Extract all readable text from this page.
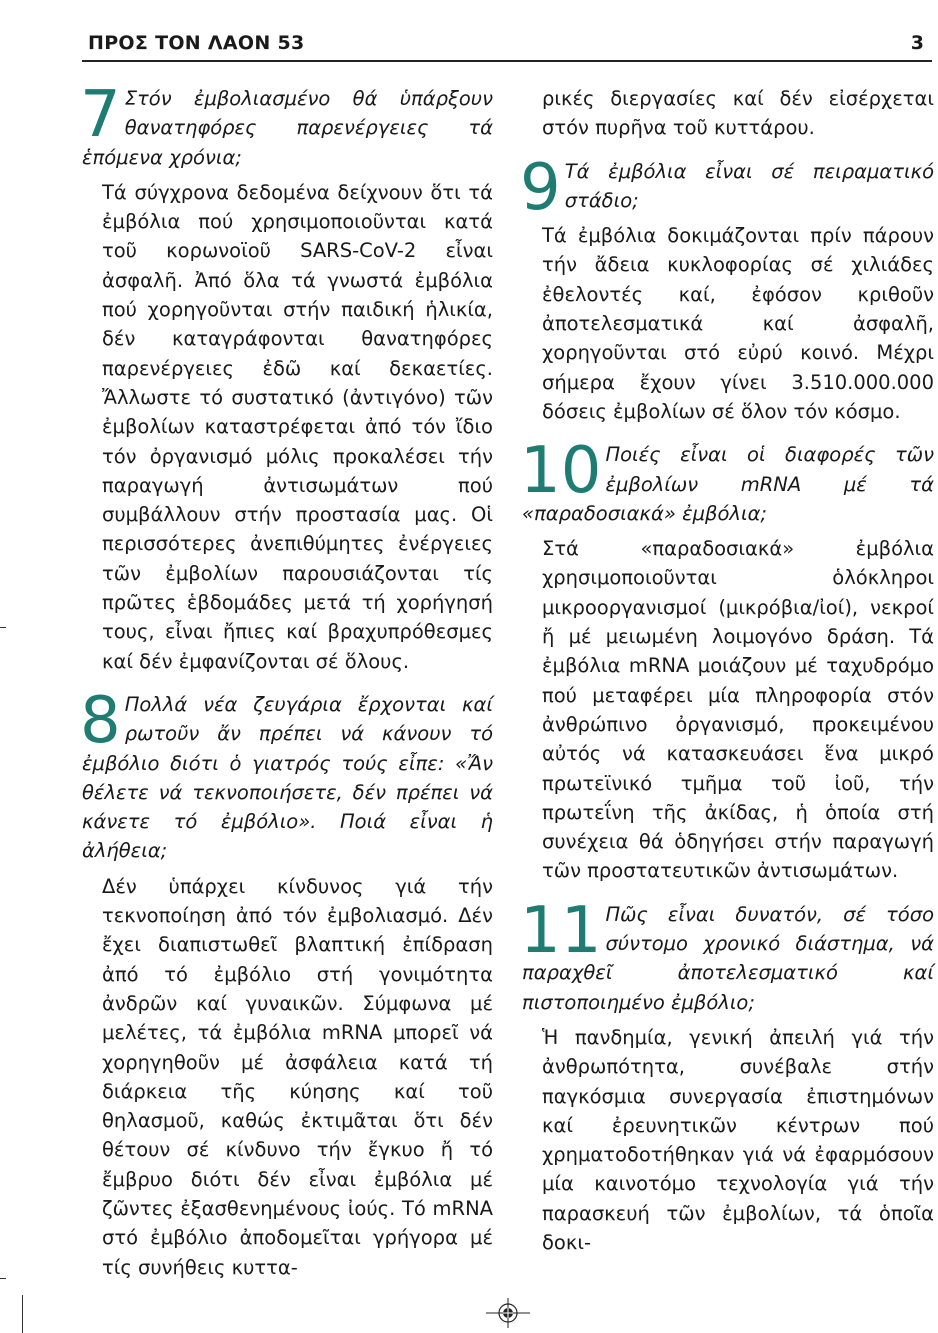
ΠΡΟΣ ΤΟΝ ΛΑΟΝ 53	3

7 Στόν ἐμβολιασμένο θά ὑπάρξουν θανατηφόρες παρενέργειες τά ἑπόμενα χρόνια;

Τά σύγχρονα δεδομένα δείχνουν ὅτι τά ἐμβόλια πού χρησιμοποιοῦνται κατά τοῦ κορωνοϊοῦ SARS-CoV-2 εἶναι ἀσφαλῆ. Ἀπό ὅλα τά γνωστά ἐμβόλια πού χορηγοῦνται στήν παιδική ἡλικία, δέν καταγράφονται θανατηφόρες παρενέργειες ἐδῶ καί δεκαετίες. Ἄλλωστε τό συστατικό (ἀντιγόνο) τῶν ἐμβολίων καταστρέφεται ἀπό τόν ἴδιο τόν ὀργανισμό μόλις προκαλέσει τήν παραγωγή ἀντισωμάτων πού συμβάλλουν στήν προστασία μας. Οἱ περισσότερες ἀνεπιθύμητες ἐνέργειες τῶν ἐμβολίων παρουσιάζονται τίς πρῶτες ἑβδομάδες μετά τή χορήγησή τους, εἶναι ἤπιες καί βραχυπρόθεσμες καί δέν ἐμφανίζονται σέ ὅλους.

8 Πολλά νέα ζευγάρια ἔρχονται καί ρωτοῦν ἄν πρέπει νά κάνουν τό ἐμβόλιο διότι ὁ γιατρός τούς εἶπε: «Ἄν θέλετε νά τεκνοποιήσετε, δέν πρέπει νά κάνετε τό ἐμβόλιο». Ποιά εἶναι ἡ ἀλήθεια;

Δέν ὑπάρχει κίνδυνος γιά τήν τεκνοποίηση ἀπό τόν ἐμβολιασμό. Δέν ἔχει διαπιστωθεῖ βλαπτική ἐπίδραση ἀπό τό ἐμβόλιο στή γονιμότητα ἀνδρῶν καί γυναικῶν. Σύμφωνα μέ μελέτες, τά ἐμβόλια mRNA μπορεῖ νά χορηγηθοῦν μέ ἀσφάλεια κατά τή διάρκεια τῆς κύησης καί τοῦ θηλασμοῦ, καθώς ἐκτιμᾶται ὅτι δέν θέτουν σέ κίνδυνο τήν ἔγκυο ἤ τό ἔμβρυο διότι δέν εἶναι ἐμβόλια μέ ζῶντες ἐξασθενημένους ἰούς. Τό mRNA στό ἐμβόλιο ἀποδομεῖται γρήγορα μέ τίς συνήθεις κυττα-

ρικές διεργασίες καί δέν εἰσέρχεται στόν πυρῆνα τοῦ κυττάρου.

9 Τά ἐμβόλια εἶναι σέ πειραματικό στάδιο;

Τά ἐμβόλια δοκιμάζονται πρίν πάρουν τήν ἄδεια κυκλοφορίας σέ χιλιάδες ἐθελοντές καί, ἐφόσον κριθοῦν ἀποτελεσματικά καί ἀσφαλῆ, χορηγοῦνται στό εὐρύ κοινό. Μέχρι σήμερα ἔχουν γίνει 3.510.000.000 δόσεις ἐμβολίων σέ ὅλον τόν κόσμο.

10 Ποιές εἶναι οἱ διαφορές τῶν ἐμβολίων mRNA μέ τά «παραδοσιακά» ἐμβόλια;

Στά «παραδοσιακά» ἐμβόλια χρησιμοποιοῦνται ὁλόκληροι μικροοργανισμοί (μικρόβια/ἰοί), νεκροί ἤ μέ μειωμένη λοιμογόνο δράση. Τά ἐμβόλια mRNA μοιάζουν μέ ταχυδρόμο πού μεταφέρει μία πληροφορία στόν ἀνθρώπινο ὀργανισμό, προκειμένου αὐτός νά κατασκευάσει ἕνα μικρό πρωτεϊνικό τμῆμα τοῦ ἰοῦ, τήν πρωτεΐνη τῆς ἀκίδας, ἡ ὁποία στή συνέχεια θά ὁδηγήσει στήν παραγωγή τῶν προστατευτικῶν ἀντισωμάτων.

11 Πῶς εἶναι δυνατόν, σέ τόσο σύντομο χρονικό διάστημα, νά παραχθεῖ ἀποτελεσματικό καί πιστοποιημένο ἐμβόλιο;

Ἡ πανδημία, γενική ἀπειλή γιά τήν ἀνθρωπότητα, συνέβαλε στήν παγκόσμια συνεργασία ἐπιστημόνων καί ἐρευνητικῶν κέντρων πού χρηματοδοτήθηκαν γιά νά ἐφαρμόσουν μία καινοτόμο τεχνολογία γιά τήν παρασκευή τῶν ἐμβολίων, τά ὁποῖα δοκι-
